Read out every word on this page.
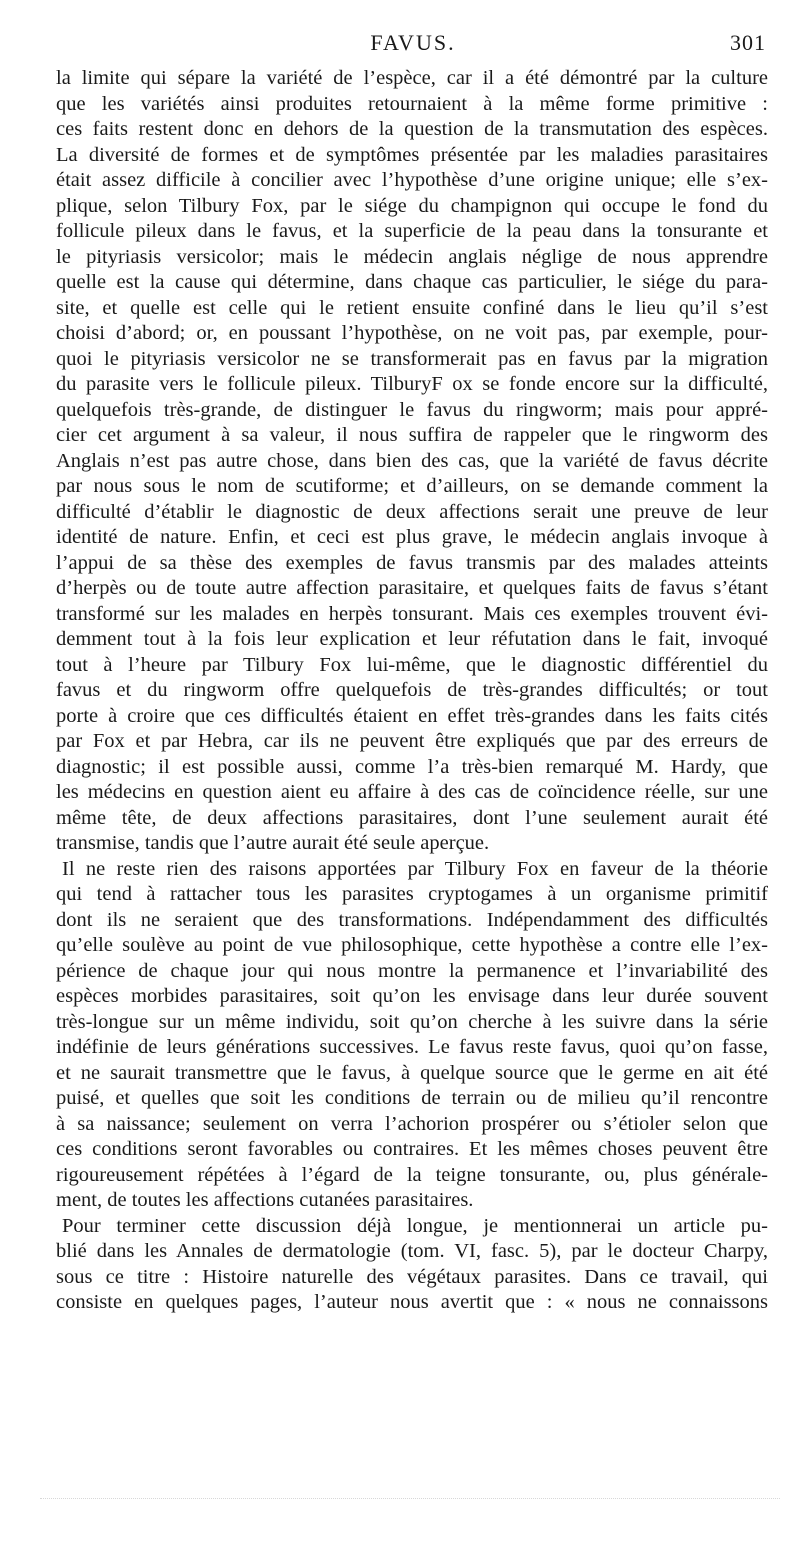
FAVUS.	301
la limite qui sépare la variété de l’espèce, car il a été démontré par la culture
que les variétés ainsi produites retournaient à la même forme primitive :
ces faits restent donc en dehors de la question de la transmutation des espèces.
La diversité de formes et de symptômes présentée par les maladies parasitaires
était assez difficile à concilier avec l’hypothèse d’une origine unique; elle s’ex-
plique, selon Tilbury Fox, par le siége du champignon qui occupe le fond du
follicule pileux dans le favus, et la superficie de la peau dans la tonsurante et
le pityriasis versicolor; mais le médecin anglais néglige de nous apprendre
quelle est la cause qui détermine, dans chaque cas particulier, le siége du para-
site, et quelle est celle qui le retient ensuite confiné dans le lieu qu’il s’est
choisi d’abord; or, en poussant l’hypothèse, on ne voit pas, par exemple, pour-
quoi le pityriasis versicolor ne se transformerait pas en favus par la migration
du parasite vers le follicule pileux. TilburyF ox se fonde encore sur la difficulté,
quelquefois très-grande, de distinguer le favus du ringworm; mais pour appré-
cier cet argument à sa valeur, il nous suffira de rappeler que le ringworm des
Anglais n’est pas autre chose, dans bien des cas, que la variété de favus décrite
par nous sous le nom de scutiforme; et d’ailleurs, on se demande comment la
difficulté d’établir le diagnostic de deux affections serait une preuve de leur
identité de nature. Enfin, et ceci est plus grave, le médecin anglais invoque à
l’appui de sa thèse des exemples de favus transmis par des malades atteints
d’herpès ou de toute autre affection parasitaire, et quelques faits de favus s’étant
transformé sur les malades en herpès tonsurant. Mais ces exemples trouvent évi-
demment tout à la fois leur explication et leur réfutation dans le fait, invoqué
tout à l’heure par Tilbury Fox lui-même, que le diagnostic différentiel du
favus et du ringworm offre quelquefois de très-grandes difficultés; or tout
porte à croire que ces difficultés étaient en effet très-grandes dans les faits cités
par Fox et par Hebra, car ils ne peuvent être expliqués que par des erreurs de
diagnostic; il est possible aussi, comme l’a très-bien remarqué M. Hardy, que
les médecins en question aient eu affaire à des cas de coïncidence réelle, sur une
même tête, de deux affections parasitaires, dont l’une seulement aurait été
transmise, tandis que l’autre aurait été seule aperçue.
Il ne reste rien des raisons apportées par Tilbury Fox en faveur de la théorie
qui tend à rattacher tous les parasites cryptogames à un organisme primitif
dont ils ne seraient que des transformations. Indépendamment des difficultés
qu’elle soulève au point de vue philosophique, cette hypothèse a contre elle l’ex-
périence de chaque jour qui nous montre la permanence et l’invariabilité des
espèces morbides parasitaires, soit qu’on les envisage dans leur durée souvent
très-longue sur un même individu, soit qu’on cherche à les suivre dans la série
indéfinie de leurs générations successives. Le favus reste favus, quoi qu’on fasse,
et ne saurait transmettre que le favus, à quelque source que le germe en ait été
puisé, et quelles que soit les conditions de terrain ou de milieu qu’il rencontre
à sa naissance; seulement on verra l’achorion prospérer ou s’étioler selon que
ces conditions seront favorables ou contraires. Et les mêmes choses peuvent être
rigoureusement répétées à l’égard de la teigne tonsurante, ou, plus générale-
ment, de toutes les affections cutanées parasitaires.
Pour terminer cette discussion déjà longue, je mentionnerai un article pu-
blié dans les Annales de dermatologie (tom. VI, fasc. 5), par le docteur Charpy,
sous ce titre : Histoire naturelle des végétaux parasites. Dans ce travail, qui
consiste en quelques pages, l’auteur nous avertit que : « nous ne connaissons
